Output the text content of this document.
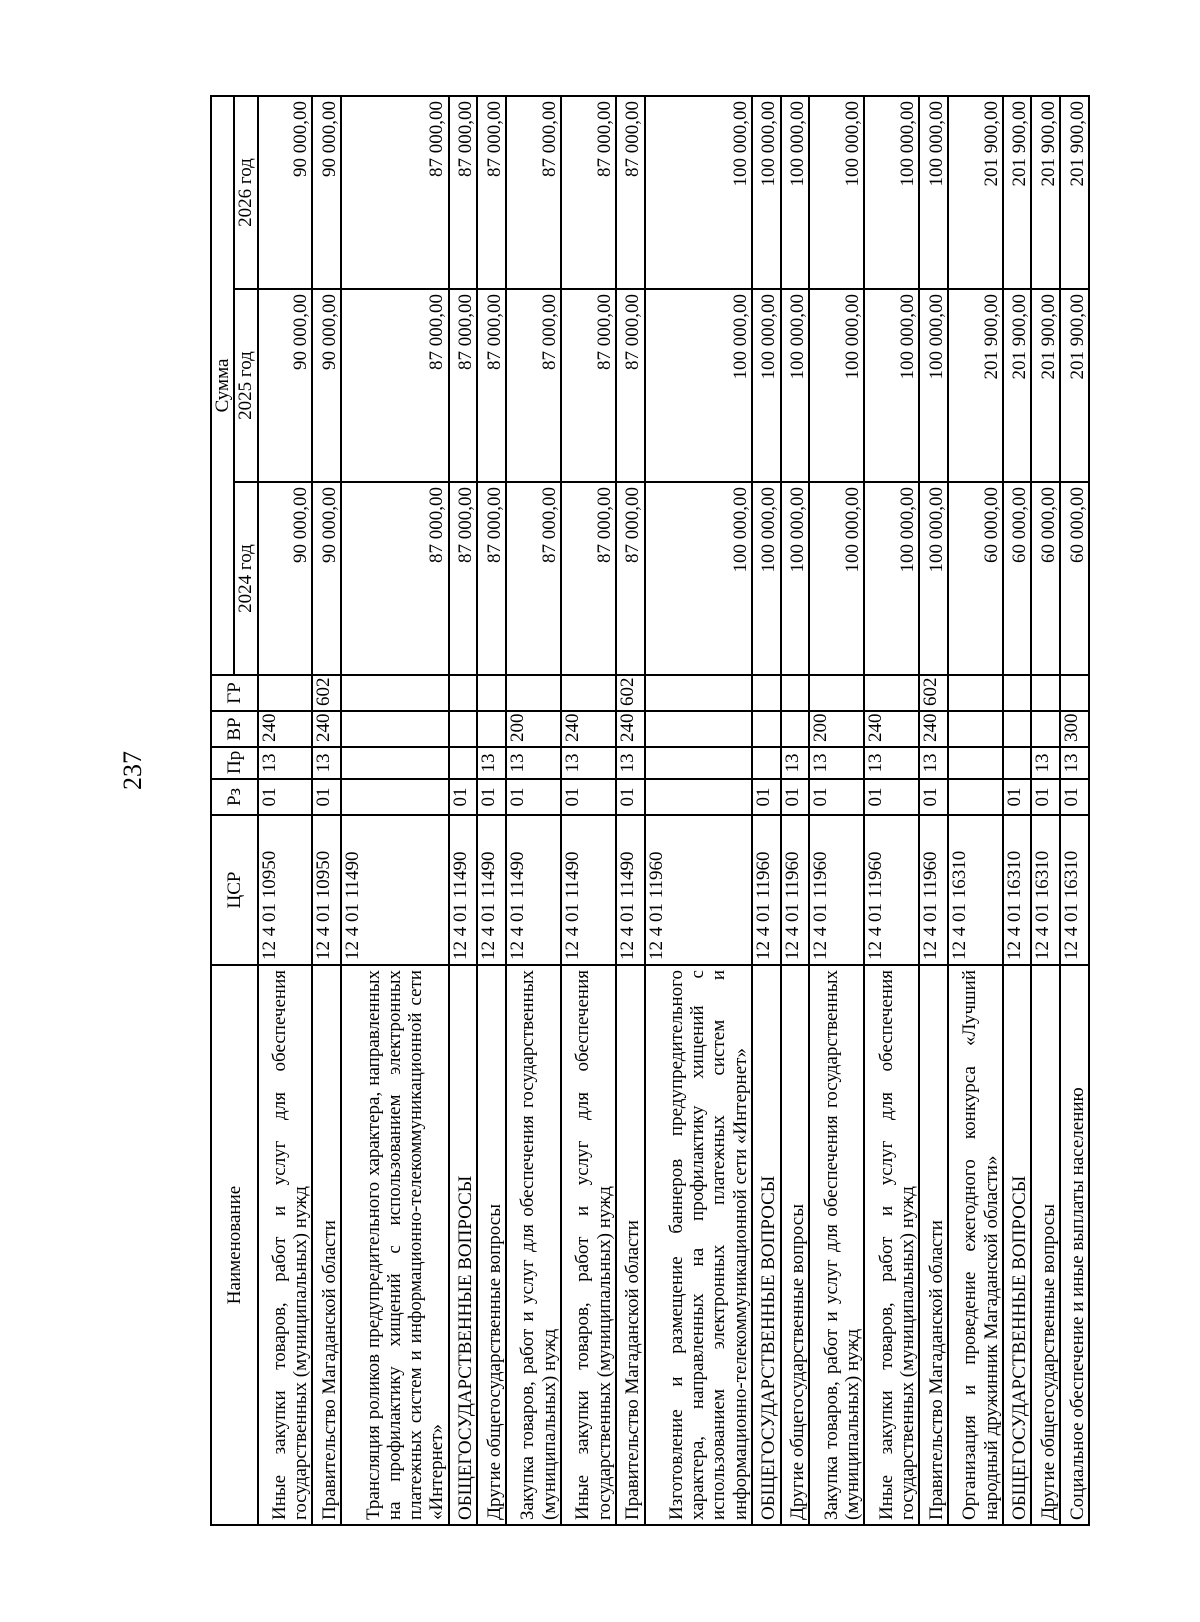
237
Наименование	ЦСР	Рз	Пр	ВР	ГР	Сумма		
						2024 год	2025 год	2026 год
Иные закупки товаров, работ и услуг для обеспечения государственных (муниципальных) нужд	12 4 01 10950	01	13	240		90 000,00	90 000,00	90 000,00
Правительство Магаданской области	12 4 01 10950	01	13	240	602	90 000,00	90 000,00	90 000,00
Трансляция роликов предупредительного характера, направленных на профилактику хищений с использованием электронных платежных систем и информационно-телекоммуникационной сети «Интернет»	12 4 01 11490					87 000,00	87 000,00	87 000,00
ОБЩЕГОСУДАРСТВЕННЫЕ ВОПРОСЫ	12 4 01 11490	01				87 000,00	87 000,00	87 000,00
Другие общегосударственные вопросы	12 4 01 11490	01	13			87 000,00	87 000,00	87 000,00
Закупка товаров, работ и услуг для обеспечения государственных (муниципальных) нужд	12 4 01 11490	01	13	200		87 000,00	87 000,00	87 000,00
Иные закупки товаров, работ и услуг для обеспечения государственных (муниципальных) нужд	12 4 01 11490	01	13	240		87 000,00	87 000,00	87 000,00
Правительство Магаданской области	12 4 01 11490	01	13	240	602	87 000,00	87 000,00	87 000,00
Изготовление и размещение баннеров предупредительного характера, направленных на профилактику хищений с использованием электронных платежных систем и информационно-телекоммуникационной сети «Интернет»	12 4 01 11960					100 000,00	100 000,00	100 000,00
ОБЩЕГОСУДАРСТВЕННЫЕ ВОПРОСЫ	12 4 01 11960	01				100 000,00	100 000,00	100 000,00
Другие общегосударственные вопросы	12 4 01 11960	01	13			100 000,00	100 000,00	100 000,00
Закупка товаров, работ и услуг для обеспечения государственных (муниципальных) нужд	12 4 01 11960	01	13	200		100 000,00	100 000,00	100 000,00
Иные закупки товаров, работ и услуг для обеспечения государственных (муниципальных) нужд	12 4 01 11960	01	13	240		100 000,00	100 000,00	100 000,00
Правительство Магаданской области	12 4 01 11960	01	13	240	602	100 000,00	100 000,00	100 000,00
Организация и проведение ежегодного конкурса «Лучший народный дружинник Магаданской области»	12 4 01 16310					60 000,00	201 900,00	201 900,00
ОБЩЕГОСУДАРСТВЕННЫЕ ВОПРОСЫ	12 4 01 16310	01				60 000,00	201 900,00	201 900,00
Другие общегосударственные вопросы	12 4 01 16310	01	13			60 000,00	201 900,00	201 900,00
Социальное обеспечение и иные выплаты населению	12 4 01 16310	01	13	300		60 000,00	201 900,00	201 900,00
